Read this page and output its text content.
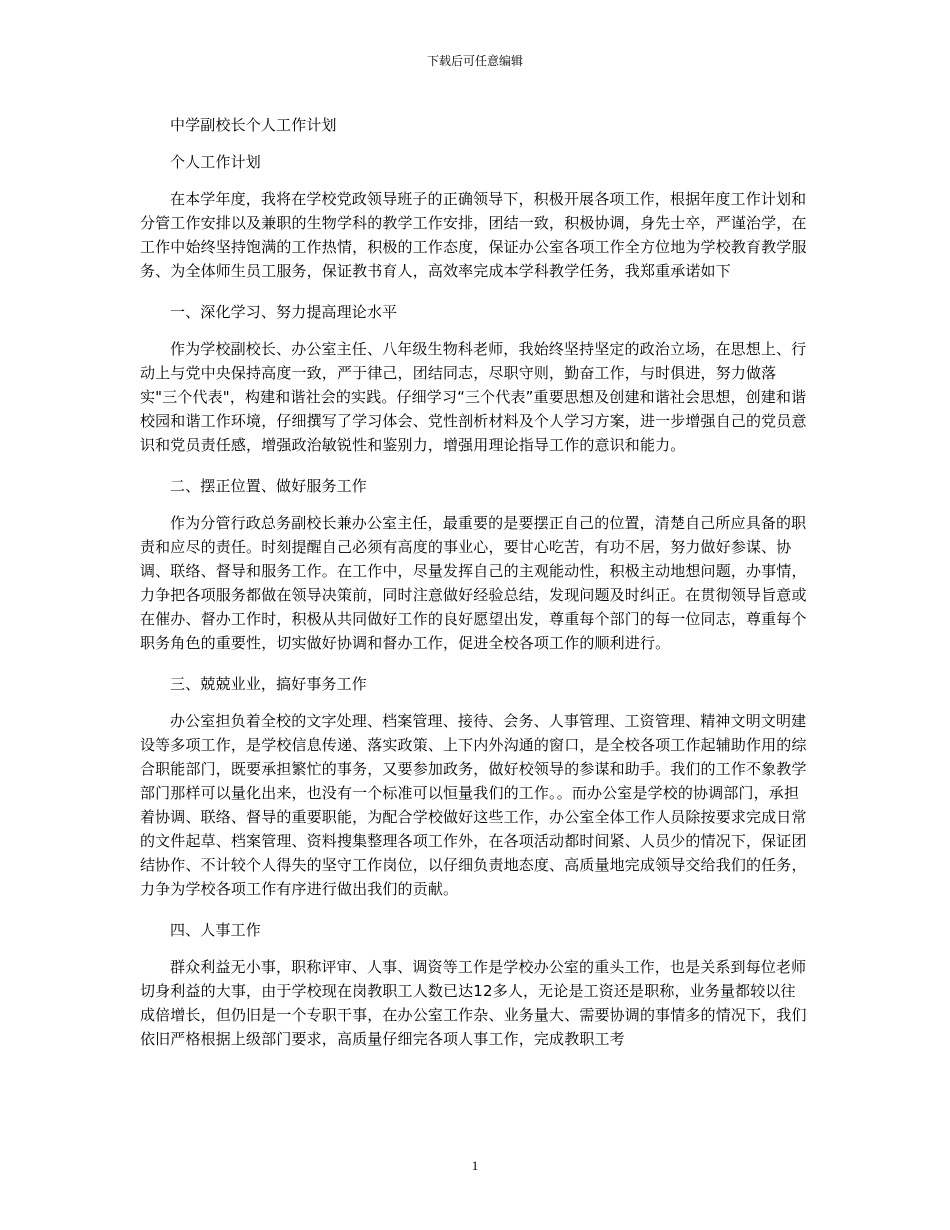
下载后可任意编辑

中学副校长个人工作计划

个人工作计划

在本学年度，我将在学校党政领导班子的正确领导下，积极开展各项工作，根据年度工作计划和分管工作安排以及兼职的生物学科的教学工作安排，团结一致，积极协调，身先士卒，严谨治学，在工作中始终坚持饱满的工作热情，积极的工作态度，保证办公室各项工作全方位地为学校教育教学服务、为全体师生员工服务，保证教书育人，高效率完成本学科教学任务，我郑重承诺如下

一、深化学习、努力提高理论水平

作为学校副校长、办公室主任、八年级生物科老师，我始终坚持坚定的政治立场，在思想上、行动上与党中央保持高度一致，严于律己，团结同志，尽职守则，勤奋工作，与时俱进，努力做落实"三个代表"，构建和谐社会的实践。仔细学习“三个代表”重要思想及创建和谐社会思想，创建和谐校园和谐工作环境，仔细撰写了学习体会、党性剖析材料及个人学习方案，进一步增强自己的党员意识和党员责任感，增强政治敏锐性和鉴别力，增强用理论指导工作的意识和能力。

二、摆正位置、做好服务工作

作为分管行政总务副校长兼办公室主任，最重要的是要摆正自己的位置，清楚自己所应具备的职责和应尽的责任。时刻提醒自己必须有高度的事业心，要甘心吃苦，有功不居，努力做好参谋、协调、联络、督导和服务工作。在工作中，尽量发挥自己的主观能动性，积极主动地想问题，办事情，力争把各项服务都做在领导决策前，同时注意做好经验总结，发现问题及时纠正。在贯彻领导旨意或在催办、督办工作时，积极从共同做好工作的良好愿望出发，尊重每个部门的每一位同志，尊重每个职务角色的重要性，切实做好协调和督办工作，促进全校各项工作的顺利进行。

三、兢兢业业，搞好事务工作

办公室担负着全校的文字处理、档案管理、接待、会务、人事管理、工资管理、精神文明文明建设等多项工作，是学校信息传递、落实政策、上下内外沟通的窗口，是全校各项工作起辅助作用的综合职能部门，既要承担繁忙的事务，又要参加政务，做好校领导的参谋和助手。我们的工作不象教学部门那样可以量化出来，也没有一个标准可以恒量我们的工作。。而办公室是学校的协调部门，承担着协调、联络、督导的重要职能，为配合学校做好这些工作，办公室全体工作人员除按要求完成日常的文件起草、档案管理、资料搜集整理各项工作外，在各项活动都时间紧、人员少的情况下，保证团结协作、不计较个人得失的坚守工作岗位，以仔细负责地态度、高质量地完成领导交给我们的任务，力争为学校各项工作有序进行做出我们的贡献。

四、人事工作

群众利益无小事，职称评审、人事、调资等工作是学校办公室的重头工作，也是关系到每位老师切身利益的大事，由于学校现在岗教职工人数已达12多人，无论是工资还是职称，业务量都较以往成倍增长，但仍旧是一个专职干事，在办公室工作杂、业务量大、需要协调的事情多的情况下，我们依旧严格根据上级部门要求，高质量仔细完各项人事工作，完成教职工考

1
